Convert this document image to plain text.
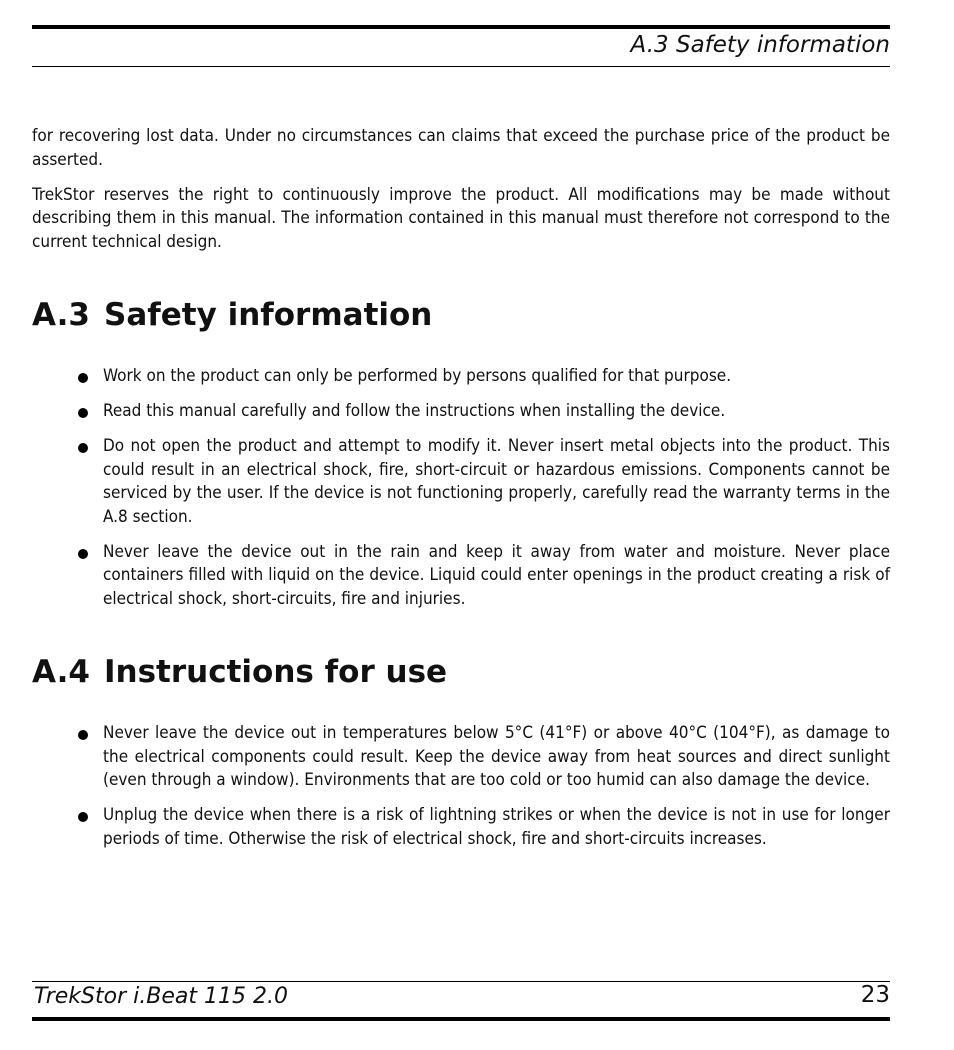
A.3 Safety information

for recovering lost data. Under no circumstances can claims that exceed the purchase price of the product be asserted.

TrekStor reserves the right to continuously improve the product. All modifications may be made without describing them in this manual. The information contained in this manual must therefore not correspond to the current technical design.

A.3 Safety information
Work on the product can only be performed by persons qualified for that purpose.
Read this manual carefully and follow the instructions when installing the device.
Do not open the product and attempt to modify it. Never insert metal objects into the product. This could result in an electrical shock, fire, short-circuit or hazardous emissions. Components cannot be serviced by the user. If the device is not functioning properly, carefully read the warranty terms in the A.8 section.
Never leave the device out in the rain and keep it away from water and moisture. Never place containers filled with liquid on the device. Liquid could enter openings in the product creating a risk of electrical shock, short-circuits, fire and injuries.
A.4 Instructions for use
Never leave the device out in temperatures below 5°C (41°F) or above 40°C (104°F), as damage to the electrical components could result. Keep the device away from heat sources and direct sunlight (even through a window). Environments that are too cold or too humid can also damage the device.
Unplug the device when there is a risk of lightning strikes or when the device is not in use for longer periods of time. Otherwise the risk of electrical shock, fire and short-circuits increases.
TrekStor i.Beat 115 2.0	23
